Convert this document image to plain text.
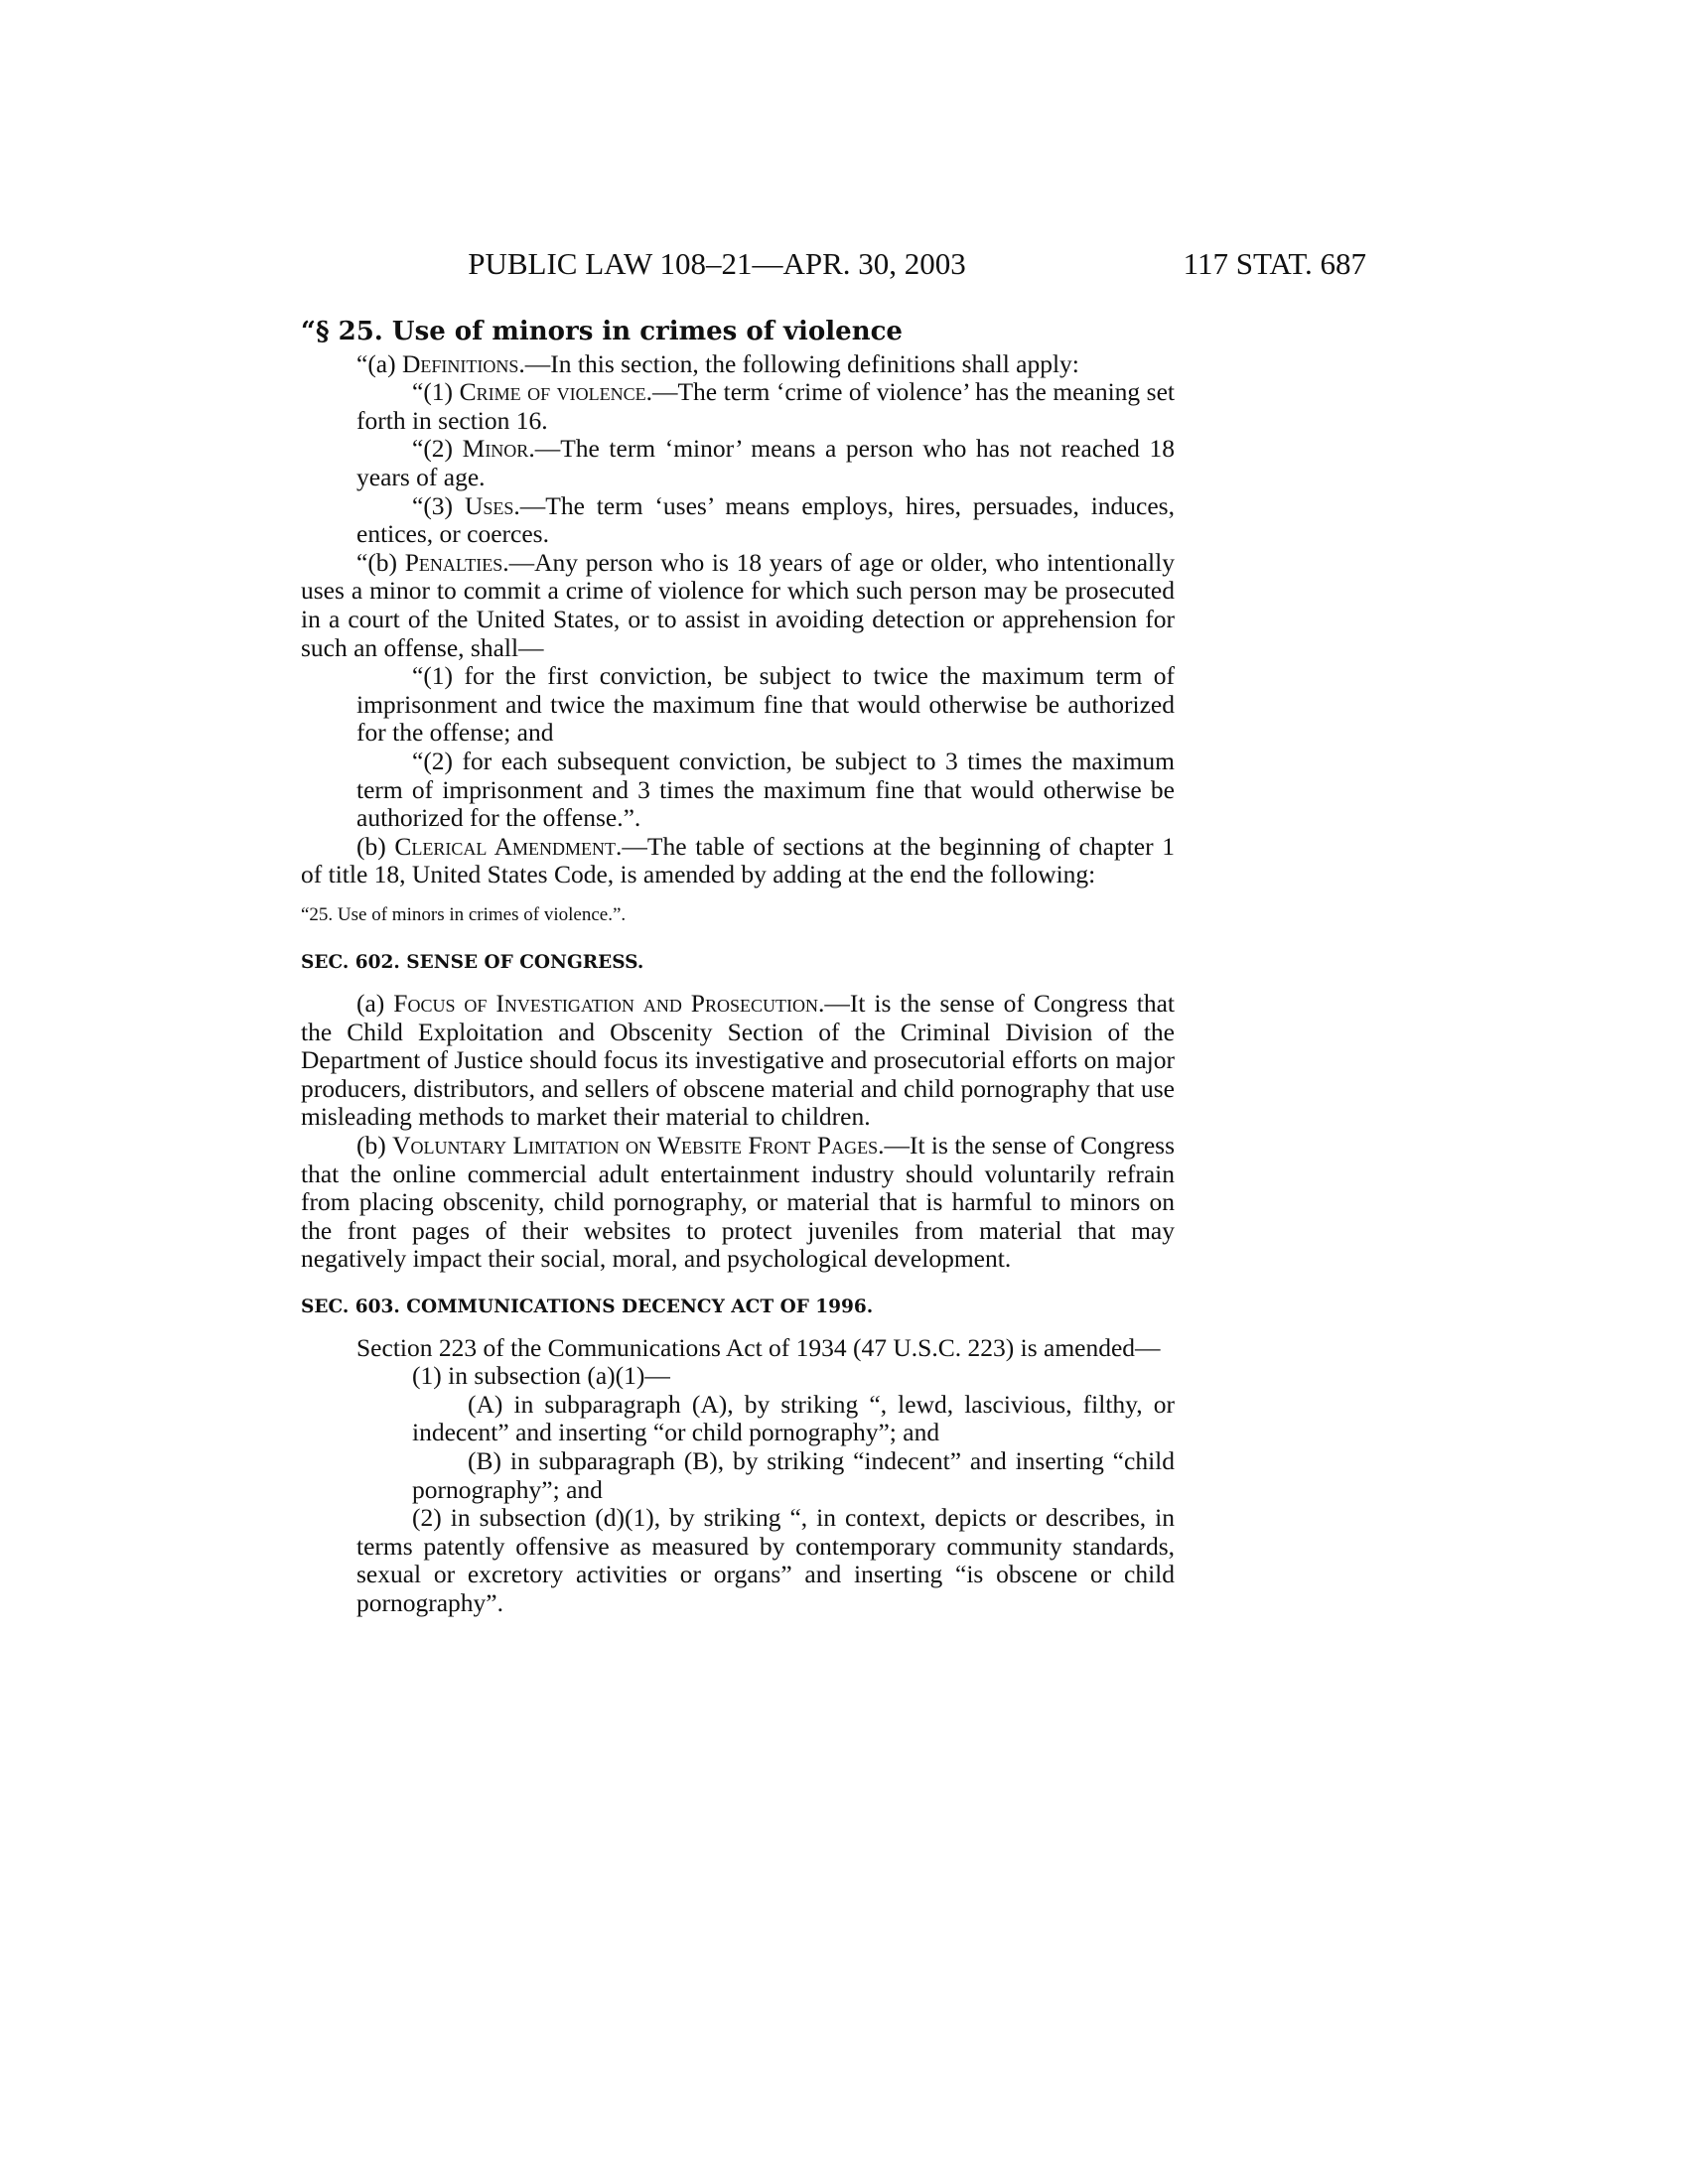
PUBLIC LAW 108–21—APR. 30, 2003	117 STAT. 687

“§ 25. Use of minors in crimes of violence

“(a) Definitions.—In this section, the following definitions shall apply:

“(1) Crime of violence.—The term ‘crime of violence’ has the meaning set forth in section 16.

“(2) Minor.—The term ‘minor’ means a person who has not reached 18 years of age.

“(3) Uses.—The term ‘uses’ means employs, hires, persuades, induces, entices, or coerces.

“(b) Penalties.—Any person who is 18 years of age or older, who intentionally uses a minor to commit a crime of violence for which such person may be prosecuted in a court of the United States, or to assist in avoiding detection or apprehension for such an offense, shall—

“(1) for the first conviction, be subject to twice the maximum term of imprisonment and twice the maximum fine that would otherwise be authorized for the offense; and

“(2) for each subsequent conviction, be subject to 3 times the maximum term of imprisonment and 3 times the maximum fine that would otherwise be authorized for the offense.”.

(b) Clerical Amendment.—The table of sections at the beginning of chapter 1 of title 18, United States Code, is amended by adding at the end the following:

“25. Use of minors in crimes of violence.”.

SEC. 602. SENSE OF CONGRESS.

(a) Focus of Investigation and Prosecution.—It is the sense of Congress that the Child Exploitation and Obscenity Section of the Criminal Division of the Department of Justice should focus its investigative and prosecutorial efforts on major producers, distributors, and sellers of obscene material and child pornography that use misleading methods to market their material to children.

(b) Voluntary Limitation on Website Front Pages.—It is the sense of Congress that the online commercial adult entertainment industry should voluntarily refrain from placing obscenity, child pornography, or material that is harmful to minors on the front pages of their websites to protect juveniles from material that may negatively impact their social, moral, and psychological development.

SEC. 603. COMMUNICATIONS DECENCY ACT OF 1996.

Section 223 of the Communications Act of 1934 (47 U.S.C. 223) is amended—

(1) in subsection (a)(1)—

(A) in subparagraph (A), by striking “, lewd, lascivious, filthy, or indecent” and inserting “or child pornography”; and

(B) in subparagraph (B), by striking “indecent” and inserting “child pornography”; and

(2) in subsection (d)(1), by striking “, in context, depicts or describes, in terms patently offensive as measured by contemporary community standards, sexual or excretory activities or organs” and inserting “is obscene or child pornography”.
